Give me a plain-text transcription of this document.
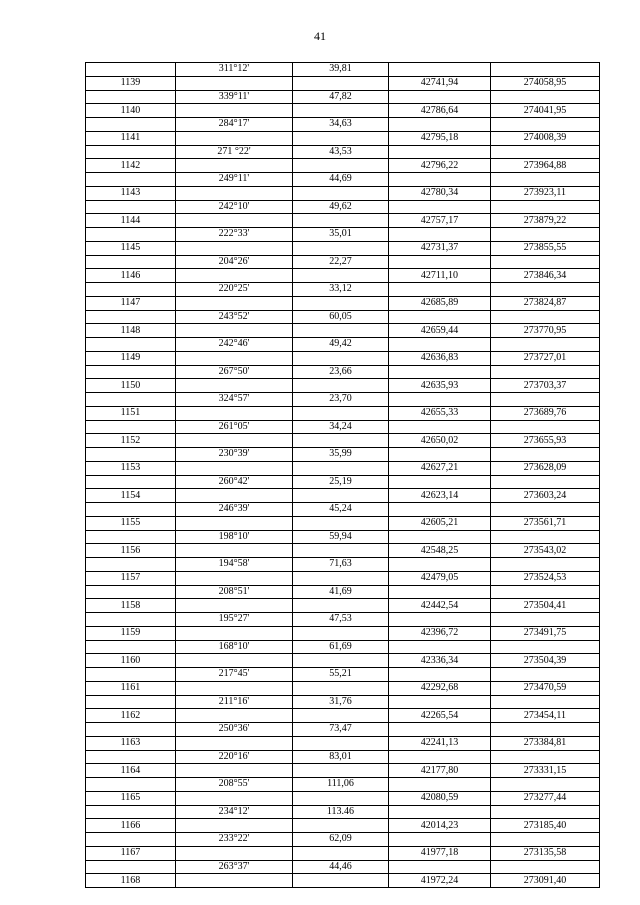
41
	311°12'	39,81		
1139			42741,94	274058,95
	339°11'	47,82		
1140			42786,64	274041,95
	284°17'	34,63		
1141			42795,18	274008,39
	271 °22'	43,53		
1142			42796,22	273964,88
	249°11'	44,69		
1143			42780,34	273923,11
	242°10'	49,62		
1144			42757,17	273879,22
	222°33'	35,01		
1145			42731,37	273855,55
	204°26'	22,27		
1146			42711,10	273846,34
	220°25'	33,12		
1147			42685,89	273824,87
	243°52'	60,05		
1148			42659,44	273770,95
	242°46'	49,42		
1149			42636,83	273727,01
	267°50'	23,66		
1150			42635,93	273703,37
	324°57'	23,70		
1151			42655,33	273689,76
	261°05'	34,24		
1152			42650,02	273655,93
	230°39'	35,99		
1153			42627,21	273628,09
	260°42'	25,19		
1154			42623,14	273603,24
	246°39'	45,24		
1155			42605,21	273561,71
	198°10'	59,94		
1156			42548,25	273543,02
	194°58'	71,63		
1157			42479,05	273524,53
	208°51'	41,69		
1158			42442,54	273504,41
	195°27'	47,53		
1159			42396,72	273491,75
	168°10'	61,69		
1160			42336,34	273504,39
	217°45'	55,21		
1161			42292,68	273470,59
	211°16'	31,76		
1162			42265,54	273454,11
	250°36'	73,47		
1163			42241,13	273384,81
	220°16'	83,01		
1164			42177,80	273331,15
	208°55'	111,06		
1165			42080,59	273277,44
	234°12'	113.46		
1166			42014,23	273185,40
	233°22'	62,09		
1167			41977,18	273135,58
	263°37'	44,46		
1168			41972,24	273091,40
